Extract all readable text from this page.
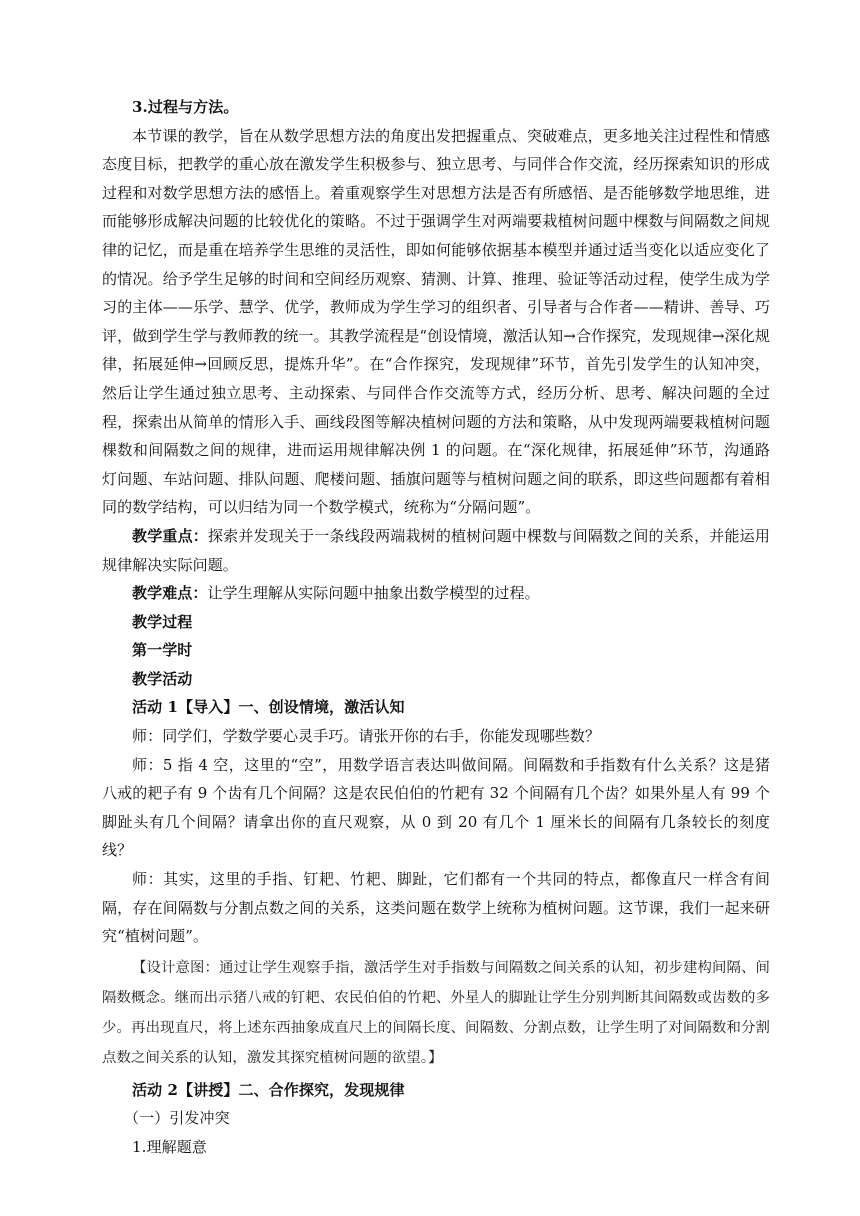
3.过程与方法。

本节课的教学，旨在从数学思想方法的角度出发把握重点、突破难点，更多地关注过程性和情感态度目标，把教学的重心放在激发学生积极参与、独立思考、与同伴合作交流，经历探索知识的形成过程和对数学思想方法的感悟上。着重观察学生对思想方法是否有所感悟、是否能够数学地思维，进而能够形成解决问题的比较优化的策略。不过于强调学生对两端要栽植树问题中棵数与间隔数之间规律的记忆，而是重在培养学生思维的灵活性，即如何能够依据基本模型并通过适当变化以适应变化了的情况。给予学生足够的时间和空间经历观察、猜测、计算、推理、验证等活动过程，使学生成为学习的主体——乐学、慧学、优学，教师成为学生学习的组织者、引导者与合作者——精讲、善导、巧评，做到学生学与教师教的统一。其教学流程是“创设情境，激活认知→合作探究，发现规律→深化规律，拓展延伸→回顾反思，提炼升华”。在“合作探究，发现规律”环节，首先引发学生的认知冲突，然后让学生通过独立思考、主动探索、与同伴合作交流等方式，经历分析、思考、解决问题的全过程，探索出从简单的情形入手、画线段图等解决植树问题的方法和策略，从中发现两端要栽植树问题棵数和间隔数之间的规律，进而运用规律解决例 1 的问题。在“深化规律，拓展延伸”环节，沟通路灯问题、车站问题、排队问题、爬楼问题、插旗问题等与植树问题之间的联系，即这些问题都有着相同的数学结构，可以归结为同一个数学模式，统称为“分隔问题”。

教学重点：探索并发现关于一条线段两端栽树的植树问题中棵数与间隔数之间的关系，并能运用规律解决实际问题。

教学难点：让学生理解从实际问题中抽象出数学模型的过程。

教学过程

第一学时

教学活动

活动 1【导入】一、创设情境，激活认知

师：同学们，学数学要心灵手巧。请张开你的右手，你能发现哪些数？

师：5 指 4 空，这里的“空”，用数学语言表达叫做间隔。间隔数和手指数有什么关系？这是猪八戒的耙子有 9 个齿有几个间隔？这是农民伯伯的竹耙有 32 个间隔有几个齿？如果外星人有 99 个脚趾头有几个间隔？请拿出你的直尺观察，从 0 到 20 有几个 1 厘米长的间隔有几条较长的刻度线？

师：其实，这里的手指、钉耙、竹耙、脚趾，它们都有一个共同的特点，都像直尺一样含有间隔，存在间隔数与分割点数之间的关系，这类问题在数学上统称为植树问题。这节课，我们一起来研究“植树问题”。

【设计意图：通过让学生观察手指，激活学生对手指数与间隔数之间关系的认知，初步建构间隔、间隔数概念。继而出示猪八戒的钉耙、农民伯伯的竹耙、外星人的脚趾让学生分别判断其间隔数或齿数的多少。再出现直尺，将上述东西抽象成直尺上的间隔长度、间隔数、分割点数，让学生明了对间隔数和分割点数之间关系的认知，激发其探究植树问题的欲望。】

活动 2【讲授】二、合作探究，发现规律

（一）引发冲突

1.理解题意
